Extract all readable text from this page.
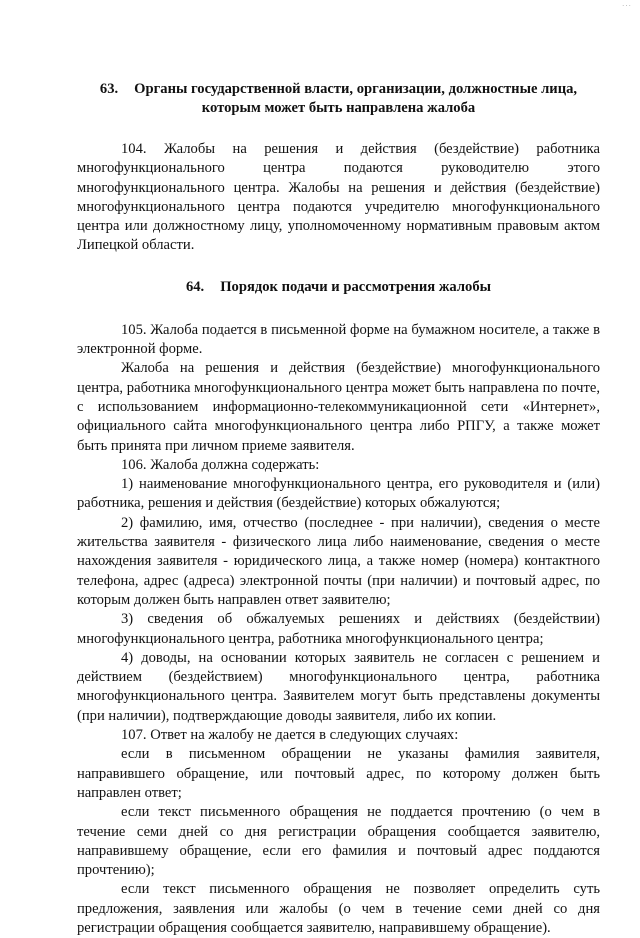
···

63. Органы государственной власти, организации, должностные лица,
которым может быть направлена жалоба

104. Жалобы на решения и действия (бездействие) работника многофункционального центра подаются руководителю этого многофункционального центра. Жалобы на решения и действия (бездействие) многофункционального центра подаются учредителю многофункционального центра или должностному лицу, уполномоченному нормативным правовым актом Липецкой области.

64. Порядок подачи и рассмотрения жалобы

105. Жалоба подается в письменной форме на бумажном носителе, а также в электронной форме.

Жалоба на решения и действия (бездействие) многофункционального центра, работника многофункционального центра может быть направлена по почте, с использованием информационно-телекоммуникационной сети «Интернет», официального сайта многофункционального центра либо РПГУ, а также может быть принята при личном приеме заявителя.

106. Жалоба должна содержать:

1) наименование многофункционального центра, его руководителя и (или) работника, решения и действия (бездействие) которых обжалуются;

2) фамилию, имя, отчество (последнее - при наличии), сведения о месте жительства заявителя - физического лица либо наименование, сведения о месте нахождения заявителя - юридического лица, а также номер (номера) контактного телефона, адрес (адреса) электронной почты (при наличии) и почтовый адрес, по которым должен быть направлен ответ заявителю;

3) сведения об обжалуемых решениях и действиях (бездействии) многофункционального центра, работника многофункционального центра;

4) доводы, на основании которых заявитель не согласен с решением и действием (бездействием) многофункционального центра, работника многофункционального центра. Заявителем могут быть представлены документы (при наличии), подтверждающие доводы заявителя, либо их копии.

107. Ответ на жалобу не дается в следующих случаях:

если в письменном обращении не указаны фамилия заявителя, направившего обращение, или почтовый адрес, по которому должен быть направлен ответ;

если текст письменного обращения не поддается прочтению (о чем в течение семи дней со дня регистрации обращения сообщается заявителю, направившему обращение, если его фамилия и почтовый адрес поддаются прочтению);

если текст письменного обращения не позволяет определить суть предложения, заявления или жалобы (о чем в течение семи дней со дня регистрации обращения сообщается заявителю, направившему обращение).
